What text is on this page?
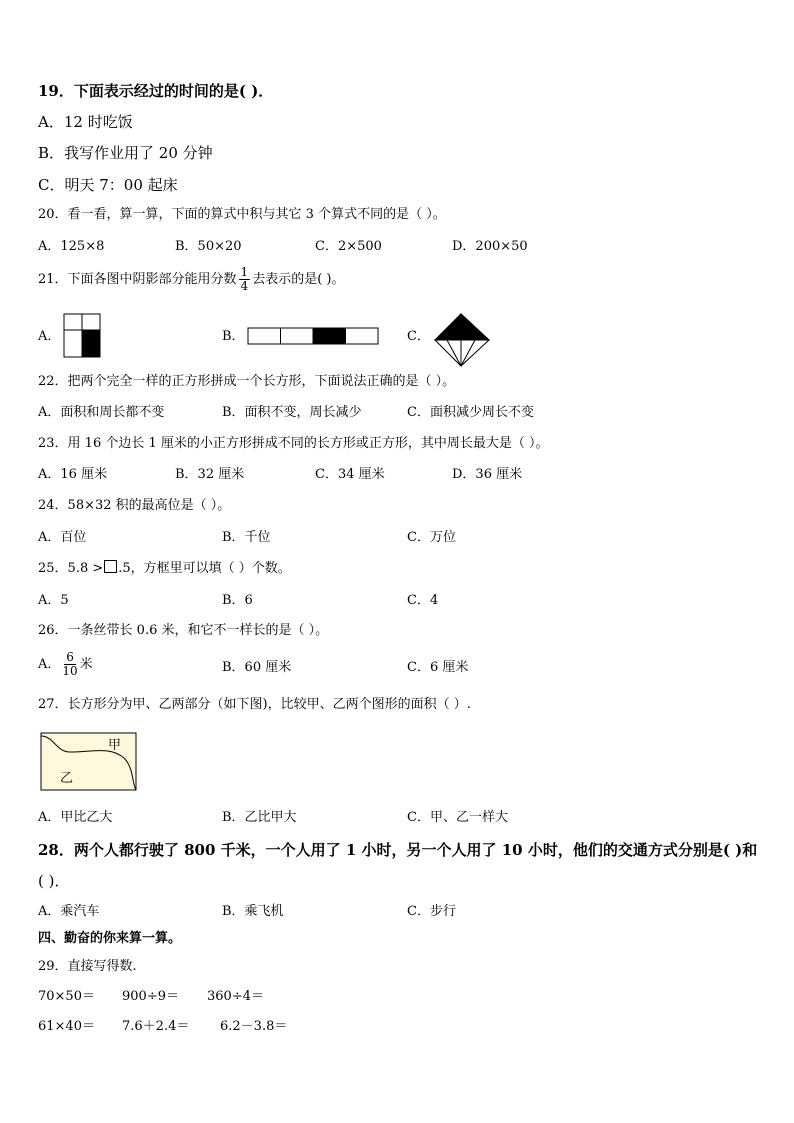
19．下面表示经过的时间的是( )．
A．12 时吃饭
B．我写作业用了 20 分钟
C．明天 7：00 起床
20．看一看，算一算，下面的算式中积与其它 3 个算式不同的是（ ）。
A．125×8	B．50×20	C．2×500	D．200×50
21．下面各图中阴影部分能用分数 $\frac{1}{4}$ 去表示的是( )。
A．	B．	C．
22．把两个完全一样的正方形拼成一个长方形，下面说法正确的是（ ）。
A．面积和周长都不变	B．面积不变，周长减少	C．面积减少周长不变
23．用 16 个边长 1 厘米的小正方形拼成不同的长方形或正方形，其中周长最大是（ ）。
A．16 厘米	B．32 厘米	C．34 厘米	D．36 厘米
24．58×32 积的最高位是（ ）。
A．百位	B．千位	C．万位
25．5.8 > .5，方框里可以填（ ）个数。
A．5	B．6	C．4
26．一条丝带长 0.6 米，和它不一样长的是（ ）。
A． $\frac{6}{10}$ 米	B．60 厘米	C．6 厘米
27．长方形分为甲、乙两部分（如下图)，比较甲、乙两个图形的面积（ ）.
甲
乙
A．甲比乙大	B．乙比甲大	C．甲、乙一样大
28．两个人都行驶了 800 千米，一个人用了 1 小时，另一个人用了 10 小时，他们的交通方式分别是( )和
( )．
A．乘汽车	B．乘飞机	C．步行
四、勤奋的你来算一算。
29．直接写得数.
70×50＝ 900÷9＝ 360÷4＝
61×40＝ 7.6＋2.4＝ 6.2－3.8＝
